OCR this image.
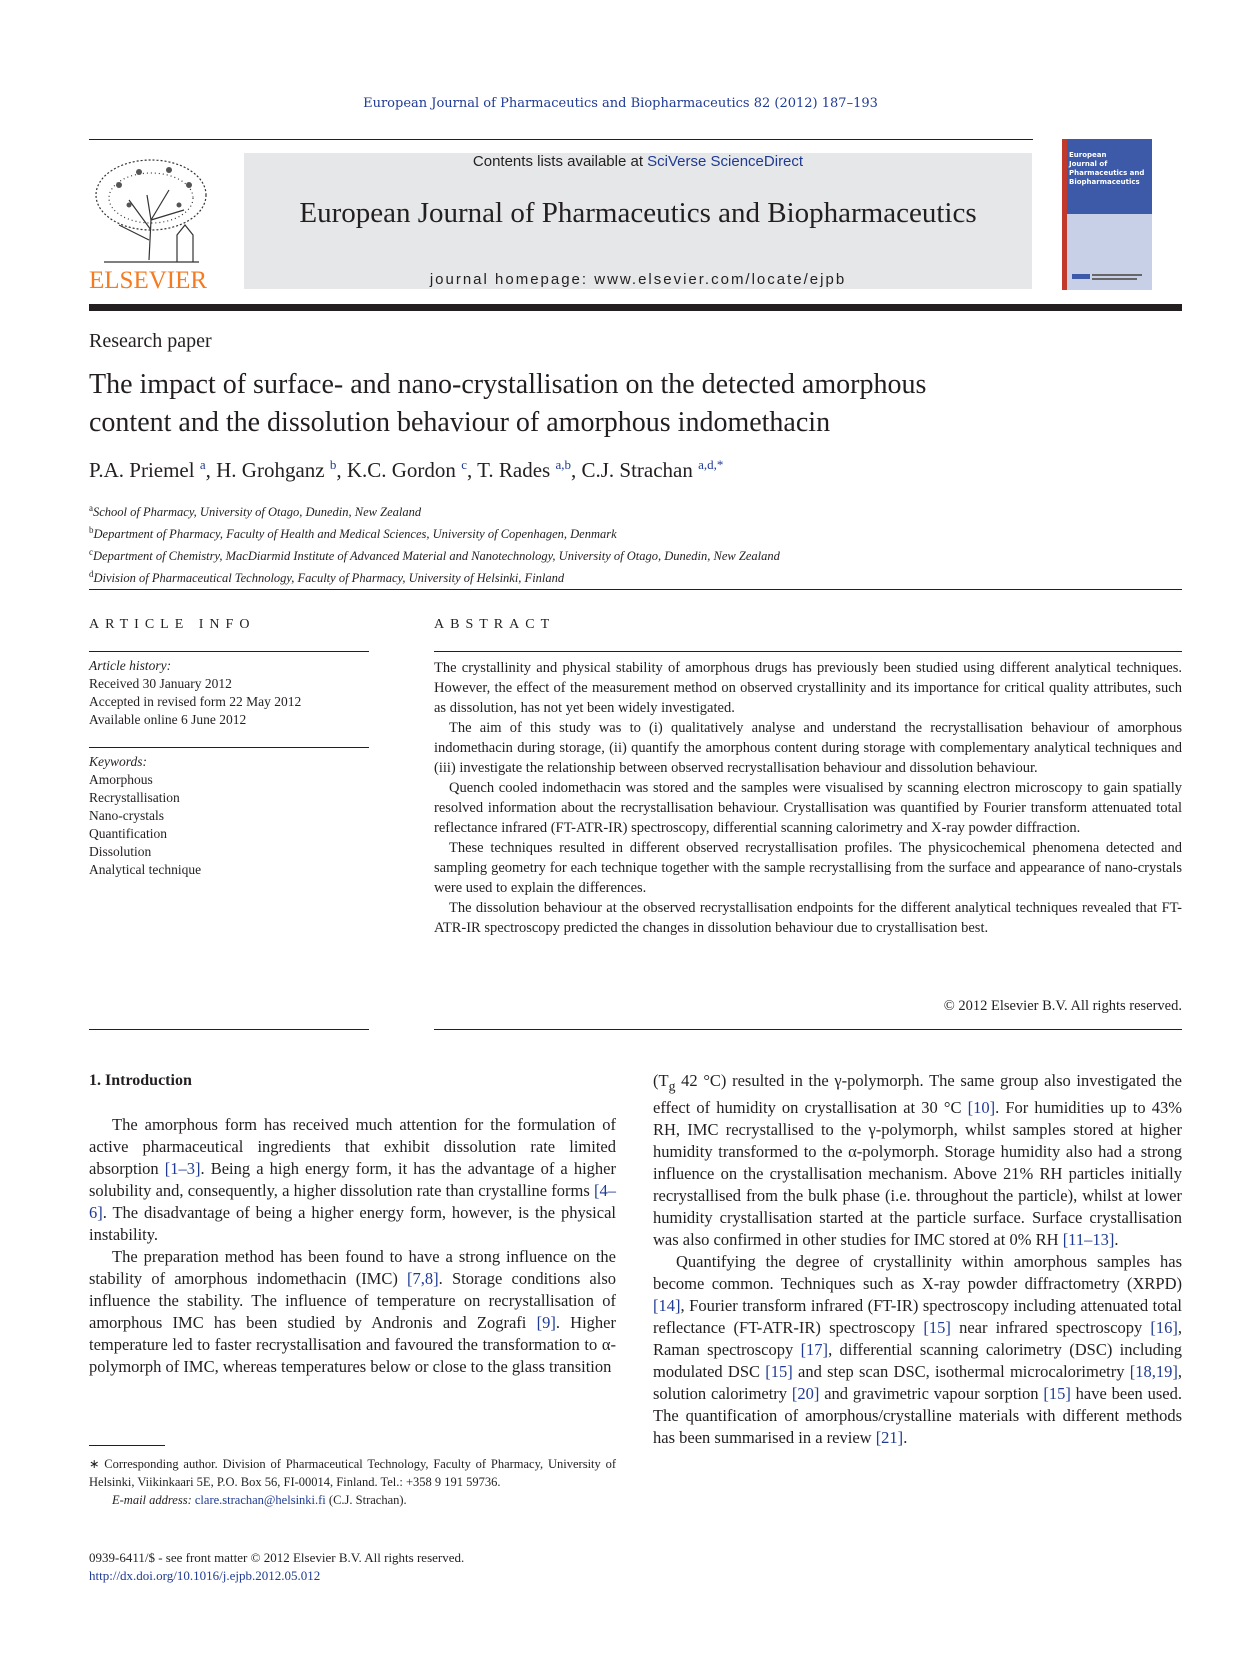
European Journal of Pharmaceutics and Biopharmaceutics 82 (2012) 187–193
ELSEVIER
Contents lists available at SciVerse ScienceDirect
European Journal of Pharmaceutics and Biopharmaceutics
journal homepage: www.elsevier.com/locate/ejpb
European
Journal of
Pharmaceutics and
Biopharmaceutics
Research paper
The impact of surface- and nano-crystallisation on the detected amorphous
content and the dissolution behaviour of amorphous indomethacin
P.A. Priemel $^a$, H. Grohganz $^b$, K.C. Gordon $^c$, T. Rades $^{a,b}$, C.J. Strachan $^{a,d,*}$
$^a$School of Pharmacy, University of Otago, Dunedin, New Zealand
$^b$Department of Pharmacy, Faculty of Health and Medical Sciences, University of Copenhagen, Denmark
$^c$Department of Chemistry, MacDiarmid Institute of Advanced Material and Nanotechnology, University of Otago, Dunedin, New Zealand
$^d$Division of Pharmaceutical Technology, Faculty of Pharmacy, University of Helsinki, Finland
ARTICLE INFO	ABSTRACT
Article history:
Received 30 January 2012
Accepted in revised form 22 May 2012
Available online 6 June 2012
Keywords:
Amorphous
Recrystallisation
Nano-crystals
Quantification
Dissolution
Analytical technique

The crystallinity and physical stability of amorphous drugs has previously been studied using different analytical techniques. However, the effect of the measurement method on observed crystallinity and its importance for critical quality attributes, such as dissolution, has not yet been widely investigated.

The aim of this study was to (i) qualitatively analyse and understand the recrystallisation behaviour of amorphous indomethacin during storage, (ii) quantify the amorphous content during storage with complementary analytical techniques and (iii) investigate the relationship between observed recrystallisation behaviour and dissolution behaviour.

Quench cooled indomethacin was stored and the samples were visualised by scanning electron microscopy to gain spatially resolved information about the recrystallisation behaviour. Crystallisation was quantified by Fourier transform attenuated total reflectance infrared (FT-ATR-IR) spectroscopy, differential scanning calorimetry and X-ray powder diffraction.

These techniques resulted in different observed recrystallisation profiles. The physicochemical phenomena detected and sampling geometry for each technique together with the sample recrystallising from the surface and appearance of nano-crystals were used to explain the differences.

The dissolution behaviour at the observed recrystallisation endpoints for the different analytical techniques revealed that FT-ATR-IR spectroscopy predicted the changes in dissolution behaviour due to crystallisation best.

© 2012 Elsevier B.V. All rights reserved.
1. Introduction

The amorphous form has received much attention for the formulation of active pharmaceutical ingredients that exhibit dissolution rate limited absorption [1–3]. Being a high energy form, it has the advantage of a higher solubility and, consequently, a higher dissolution rate than crystalline forms [4–6]. The disadvantage of being a higher energy form, however, is the physical instability.

The preparation method has been found to have a strong influence on the stability of amorphous indomethacin (IMC) [7,8]. Storage conditions also influence the stability. The influence of temperature on recrystallisation of amorphous IMC has been studied by Andronis and Zografi [9]. Higher temperature led to faster recrystallisation and favoured the transformation to α-polymorph of IMC, whereas temperatures below or close to the glass transition

($T_g$ 42 °C) resulted in the γ-polymorph. The same group also investigated the effect of humidity on crystallisation at 30 °C [10]. For humidities up to 43% RH, IMC recrystallised to the γ-polymorph, whilst samples stored at higher humidity transformed to the α-polymorph. Storage humidity also had a strong influence on the crystallisation mechanism. Above 21% RH particles initially recrystallised from the bulk phase (i.e. throughout the particle), whilst at lower humidity crystallisation started at the particle surface. Surface crystallisation was also confirmed in other studies for IMC stored at 0% RH [11–13].

Quantifying the degree of crystallinity within amorphous samples has become common. Techniques such as X-ray powder diffractometry (XRPD) [14], Fourier transform infrared (FT-IR) spectroscopy including attenuated total reflectance (FT-ATR-IR) spectroscopy [15] near infrared spectroscopy [16], Raman spectroscopy [17], differential scanning calorimetry (DSC) including modulated DSC [15] and step scan DSC, isothermal microcalorimetry [18,19], solution calorimetry [20] and gravimetric vapour sorption [15] have been used. The quantification of amorphous/crystalline materials with different methods has been summarised in a review [21].

∗ Corresponding author. Division of Pharmaceutical Technology, Faculty of Pharmacy, University of Helsinki, Viikinkaari 5E, P.O. Box 56, FI-00014, Finland. Tel.: +358 9 191 59736.

E-mail address: clare.strachan@helsinki.fi (C.J. Strachan).

0939-6411/$ - see front matter © 2012 Elsevier B.V. All rights reserved.
http://dx.doi.org/10.1016/j.ejpb.2012.05.012
